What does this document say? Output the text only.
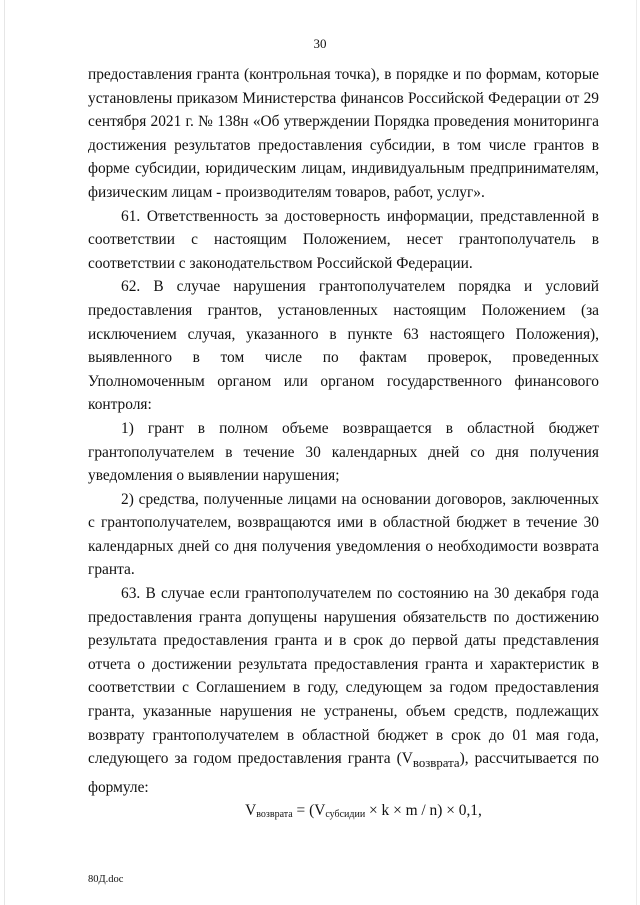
30

предоставления гранта (контрольная точка), в порядке и по формам, которые установлены приказом Министерства финансов Российской Федерации от 29 сентября 2021 г. № 138н «Об утверждении Порядка проведения мониторинга достижения результатов предоставления субсидии, в том числе грантов в форме субсидии, юридическим лицам, индивидуальным предпринимателям, физическим лицам - производителям товаров, работ, услуг».

61. Ответственность за достоверность информации, представленной в соответствии с настоящим Положением, несет грантополучатель в соответствии с законодательством Российской Федерации.

62. В случае нарушения грантополучателем порядка и условий предоставления грантов, установленных настоящим Положением (за исключением случая, указанного в пункте 63 настоящего Положения), выявленного в том числе по фактам проверок, проведенных Уполномоченным органом или органом государственного финансового контроля:

1) грант в полном объеме возвращается в областной бюджет грантополучателем в течение 30 календарных дней со дня получения уведомления о выявлении нарушения;

2) средства, полученные лицами на основании договоров, заключенных с грантополучателем, возвращаются ими в областной бюджет в течение 30 календарных дней со дня получения уведомления о необходимости возврата гранта.

63. В случае если грантополучателем по состоянию на 30 декабря года предоставления гранта допущены нарушения обязательств по достижению результата предоставления гранта и в срок до первой даты представления отчета о достижении результата предоставления гранта и характеристик в соответствии с Соглашением в году, следующем за годом предоставления гранта, указанные нарушения не устранены, объем средств, подлежащих возврату грантополучателем в областной бюджет в срок до 01 мая года, следующего за годом предоставления гранта $(V_{возврата})$, рассчитывается по формуле:

$V_{возврата} = (V_{субсидии} \times k \times m / n) \times 0,1$,

80Д.doc
